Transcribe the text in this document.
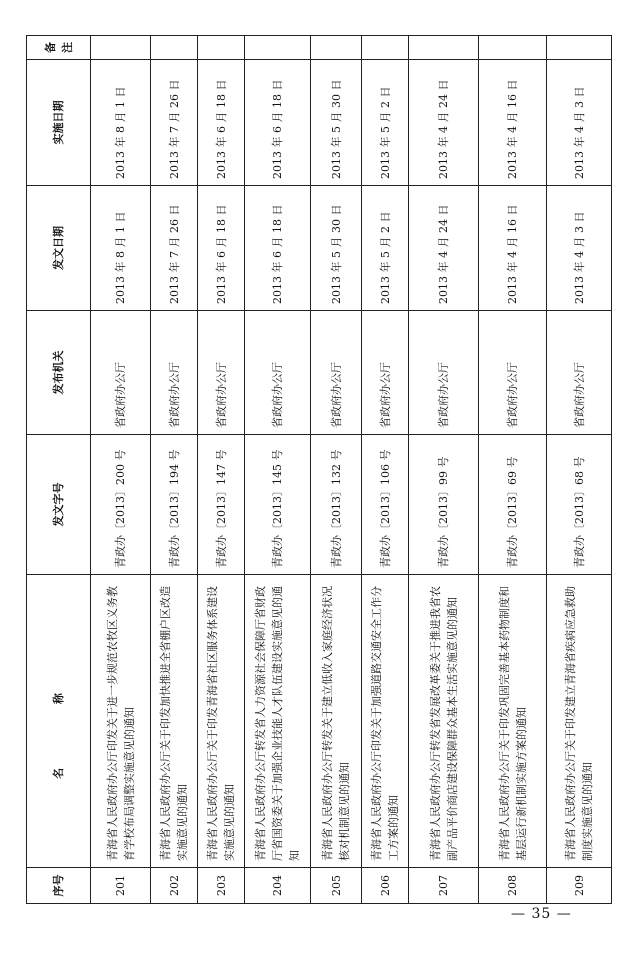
序号	名 称	发文字号	发布机关	发文日期	实施日期	备注
201	青海省人民政府办公厅印发关于进一步规范农牧区义务教育学校布局调整实施意见的通知	青政办〔2013〕200 号	省政府办公厅	2013 年 8 月 1 日	2013 年 8 月 1 日	
202	青海省人民政府办公厅关于印发加快推进全省棚户区改造实施意见的通知	青政办〔2013〕194 号	省政府办公厅	2013 年 7 月 26 日	2013 年 7 月 26 日	
203	青海省人民政府办公厅关于印发青海省社区服务体系建设实施意见的通知	青政办〔2013〕147 号	省政府办公厅	2013 年 6 月 18 日	2013 年 6 月 18 日	
204	青海省人民政府办公厅转发省人力资源社会保障厅省财政厅省国资委关于加强企业技能人才队伍建设实施意见的通知	青政办〔2013〕145 号	省政府办公厅	2013 年 6 月 18 日	2013 年 6 月 18 日	
205	青海省人民政府办公厅转发关于建立低收入家庭经济状况核对机制意见的通知	青政办〔2013〕132 号	省政府办公厅	2013 年 5 月 30 日	2013 年 5 月 30 日	
206	青海省人民政府办公厅印发关于加强道路交通安全工作分工方案的通知	青政办〔2013〕106 号	省政府办公厅	2013 年 5 月 2 日	2013 年 5 月 2 日	
207	青海省人民政府办公厅转发省发展改革委关于推进我省农副产品平价商店建设保障群众基本生活实施意见的通知	青政办〔2013〕99 号	省政府办公厅	2013 年 4 月 24 日	2013 年 4 月 24 日	
208	青海省人民政府办公厅关于印发巩固完善基本药物制度和基层运行新机制实施方案的通知	青政办〔2013〕69 号	省政府办公厅	2013 年 4 月 16 日	2013 年 4 月 16 日	
209	青海省人民政府办公厅关于印发建立青海省疾病应急救助制度实施意见的通知	青政办〔2013〕68 号	省政府办公厅	2013 年 4 月 3 日	2013 年 4 月 3 日	
— 35 —
